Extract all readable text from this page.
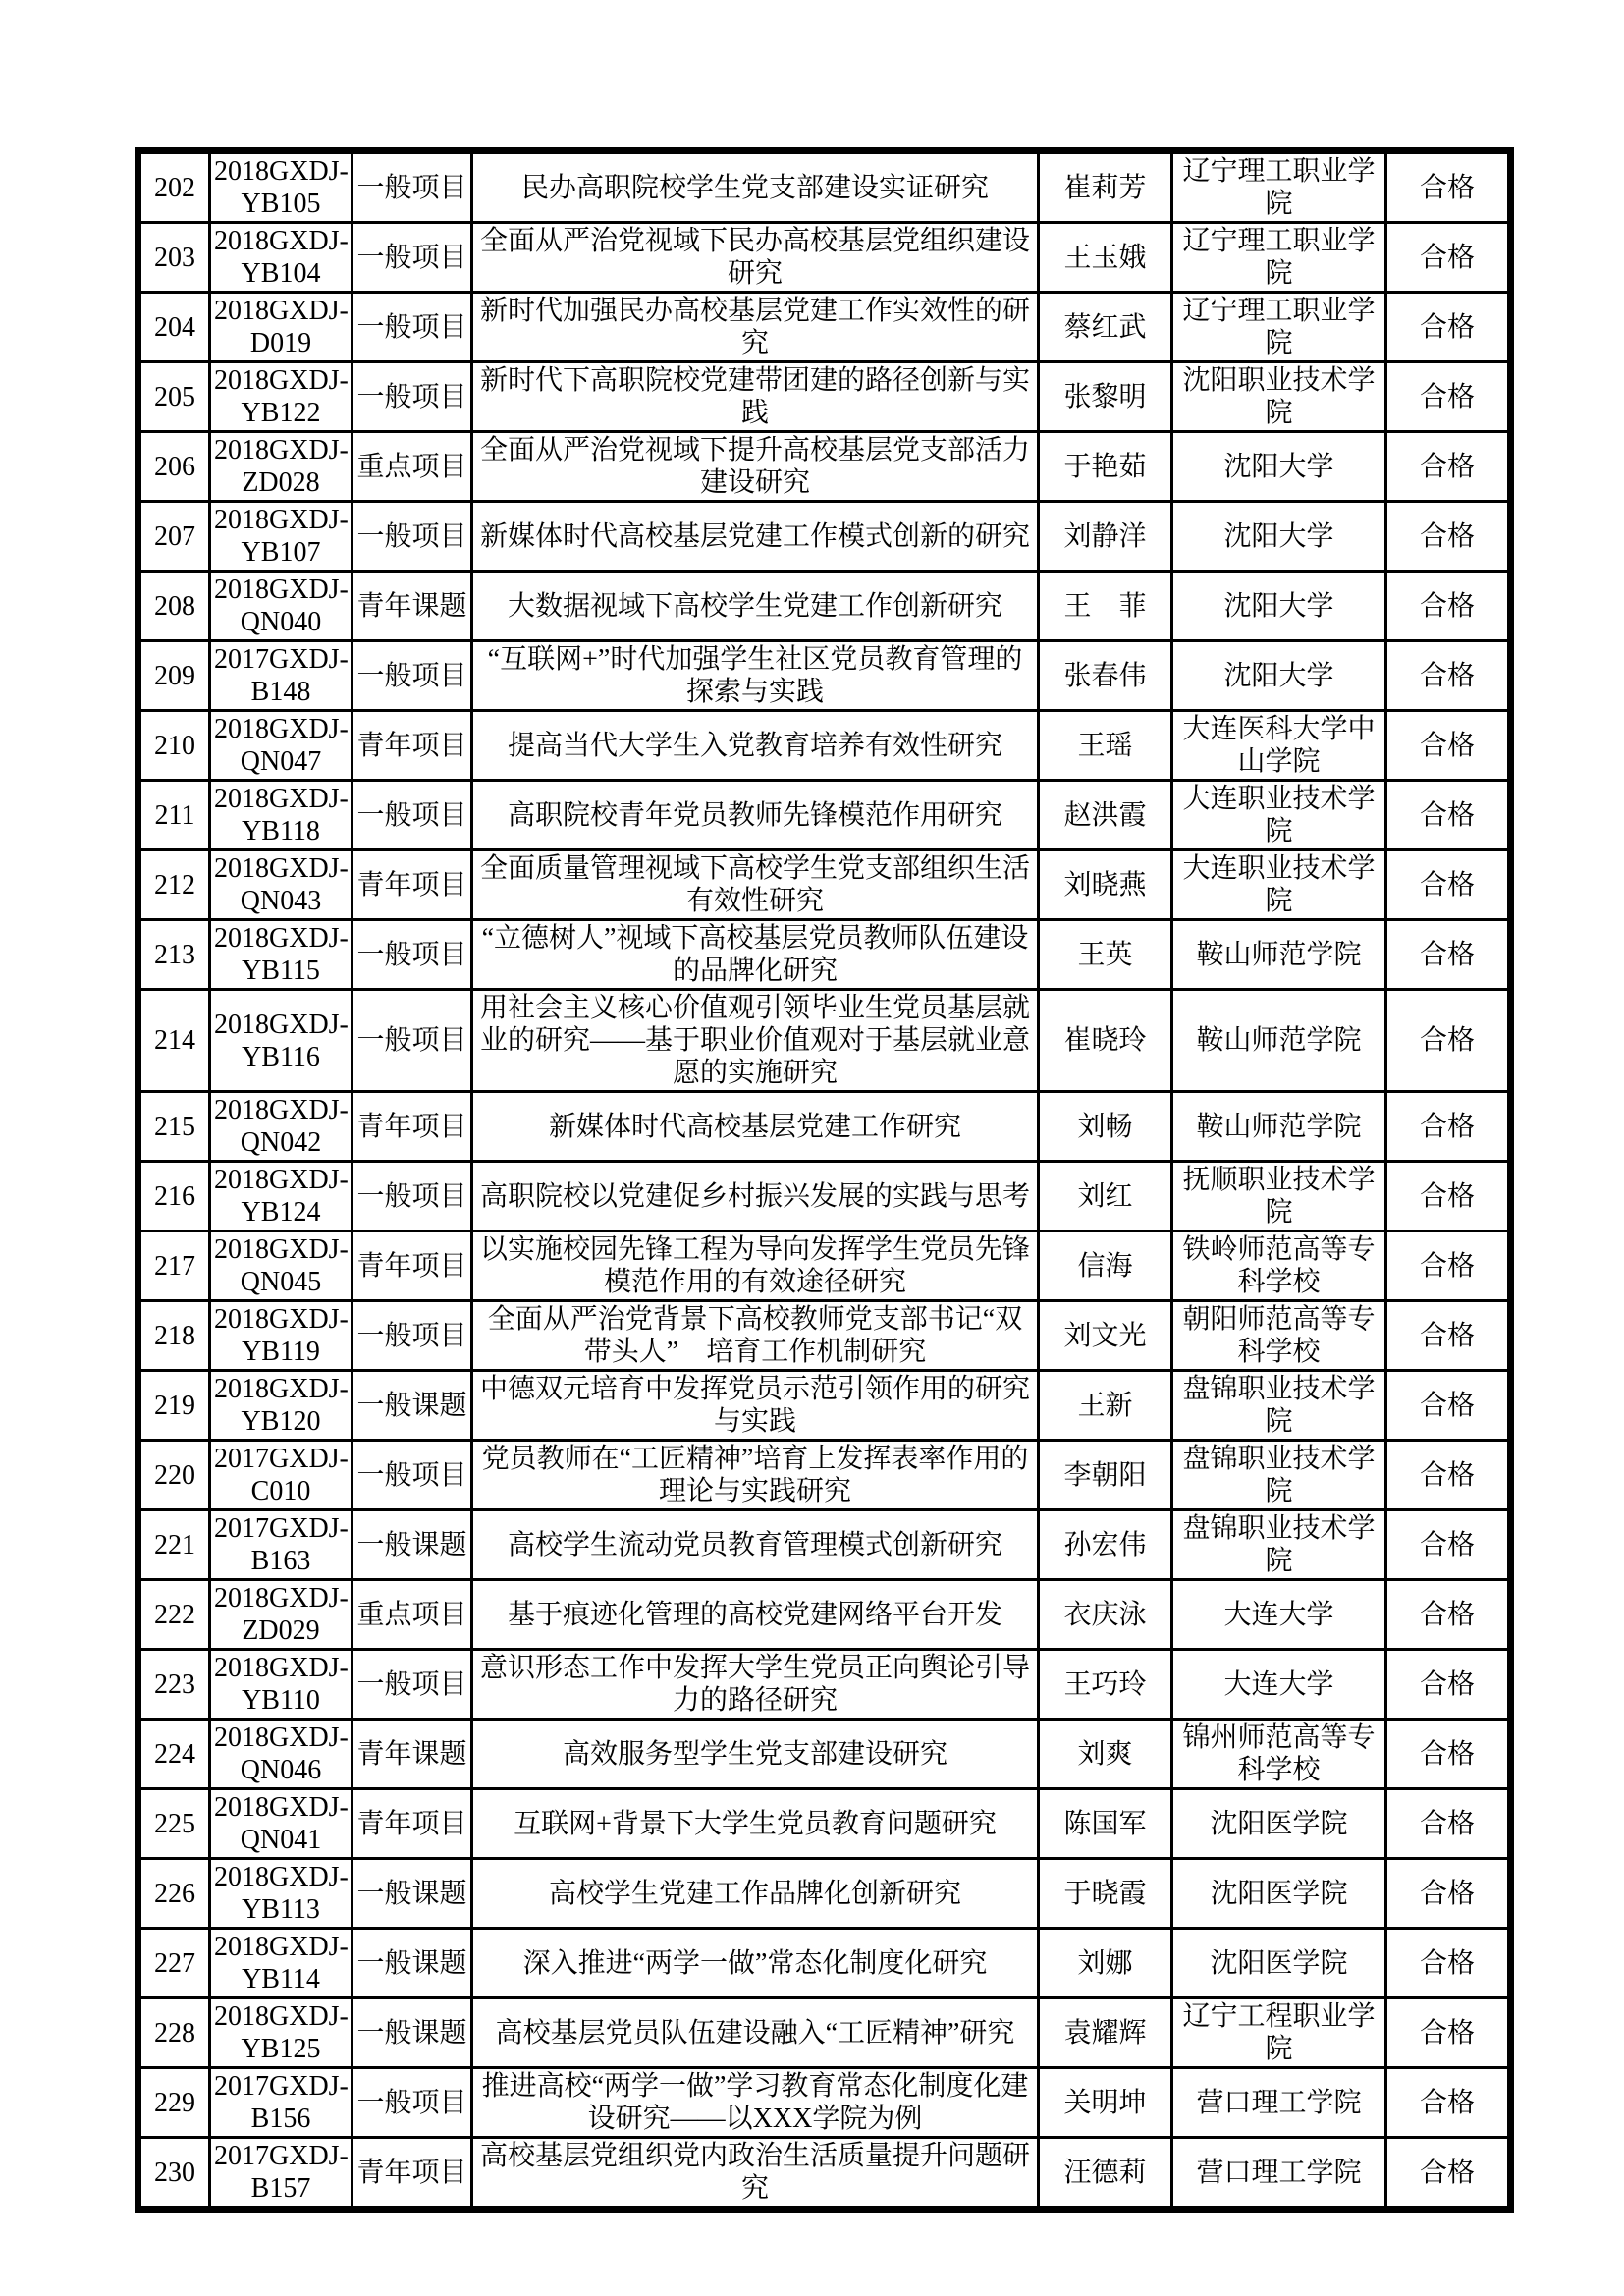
202	2018GXDJ-YB105	一般项目	民办高职院校学生党支部建设实证研究	崔莉芳	辽宁理工职业学院	合格
203	2018GXDJ-YB104	一般项目	全面从严治党视域下民办高校基层党组织建设研究	王玉娥	辽宁理工职业学院	合格
204	2018GXDJ-D019	一般项目	新时代加强民办高校基层党建工作实效性的研究	蔡红武	辽宁理工职业学院	合格
205	2018GXDJ-YB122	一般项目	新时代下高职院校党建带团建的路径创新与实践	张黎明	沈阳职业技术学院	合格
206	2018GXDJ-ZD028	重点项目	全面从严治党视域下提升高校基层党支部活力建设研究	于艳茹	沈阳大学	合格
207	2018GXDJ-YB107	一般项目	新媒体时代高校基层党建工作模式创新的研究	刘静洋	沈阳大学	合格
208	2018GXDJ-QN040	青年课题	大数据视域下高校学生党建工作创新研究	王　菲	沈阳大学	合格
209	2017GXDJ-B148	一般项目	“互联网+”时代加强学生社区党员教育管理的探索与实践	张春伟	沈阳大学	合格
210	2018GXDJ-QN047	青年项目	提高当代大学生入党教育培养有效性研究	王瑶	大连医科大学中山学院	合格
211	2018GXDJ-YB118	一般项目	高职院校青年党员教师先锋模范作用研究	赵洪霞	大连职业技术学院	合格
212	2018GXDJ-QN043	青年项目	全面质量管理视域下高校学生党支部组织生活有效性研究	刘晓燕	大连职业技术学院	合格
213	2018GXDJ-YB115	一般项目	“立德树人”视域下高校基层党员教师队伍建设的品牌化研究	王英	鞍山师范学院	合格
214	2018GXDJ-YB116	一般项目	用社会主义核心价值观引领毕业生党员基层就业的研究——基于职业价值观对于基层就业意愿的实施研究	崔晓玲	鞍山师范学院	合格
215	2018GXDJ-QN042	青年项目	新媒体时代高校基层党建工作研究	刘畅	鞍山师范学院	合格
216	2018GXDJ-YB124	一般项目	高职院校以党建促乡村振兴发展的实践与思考	刘红	抚顺职业技术学院	合格
217	2018GXDJ-QN045	青年项目	以实施校园先锋工程为导向发挥学生党员先锋模范作用的有效途径研究	信海	铁岭师范高等专科学校	合格
218	2018GXDJ-YB119	一般项目	全面从严治党背景下高校教师党支部书记“双带头人”　培育工作机制研究	刘文光	朝阳师范高等专科学校	合格
219	2018GXDJ-YB120	一般课题	中德双元培育中发挥党员示范引领作用的研究与实践	王新	盘锦职业技术学院	合格
220	2017GXDJ-C010	一般项目	党员教师在“工匠精神”培育上发挥表率作用的理论与实践研究	李朝阳	盘锦职业技术学院	合格
221	2017GXDJ-B163	一般课题	高校学生流动党员教育管理模式创新研究	孙宏伟	盘锦职业技术学院	合格
222	2018GXDJ-ZD029	重点项目	基于痕迹化管理的高校党建网络平台开发	衣庆泳	大连大学	合格
223	2018GXDJ-YB110	一般项目	意识形态工作中发挥大学生党员正向舆论引导力的路径研究	王巧玲	大连大学	合格
224	2018GXDJ-QN046	青年课题	高效服务型学生党支部建设研究	刘爽	锦州师范高等专科学校	合格
225	2018GXDJ-QN041	青年项目	互联网+背景下大学生党员教育问题研究	陈国军	沈阳医学院	合格
226	2018GXDJ-YB113	一般课题	高校学生党建工作品牌化创新研究	于晓霞	沈阳医学院	合格
227	2018GXDJ-YB114	一般课题	深入推进“两学一做”常态化制度化研究	刘娜	沈阳医学院	合格
228	2018GXDJ-YB125	一般课题	高校基层党员队伍建设融入“工匠精神”研究	袁耀辉	辽宁工程职业学院	合格
229	2017GXDJ-B156	一般项目	推进高校“两学一做”学习教育常态化制度化建设研究——以XXX学院为例	关明坤	营口理工学院	合格
230	2017GXDJ-B157	青年项目	高校基层党组织党内政治生活质量提升问题研究	汪德莉	营口理工学院	合格
